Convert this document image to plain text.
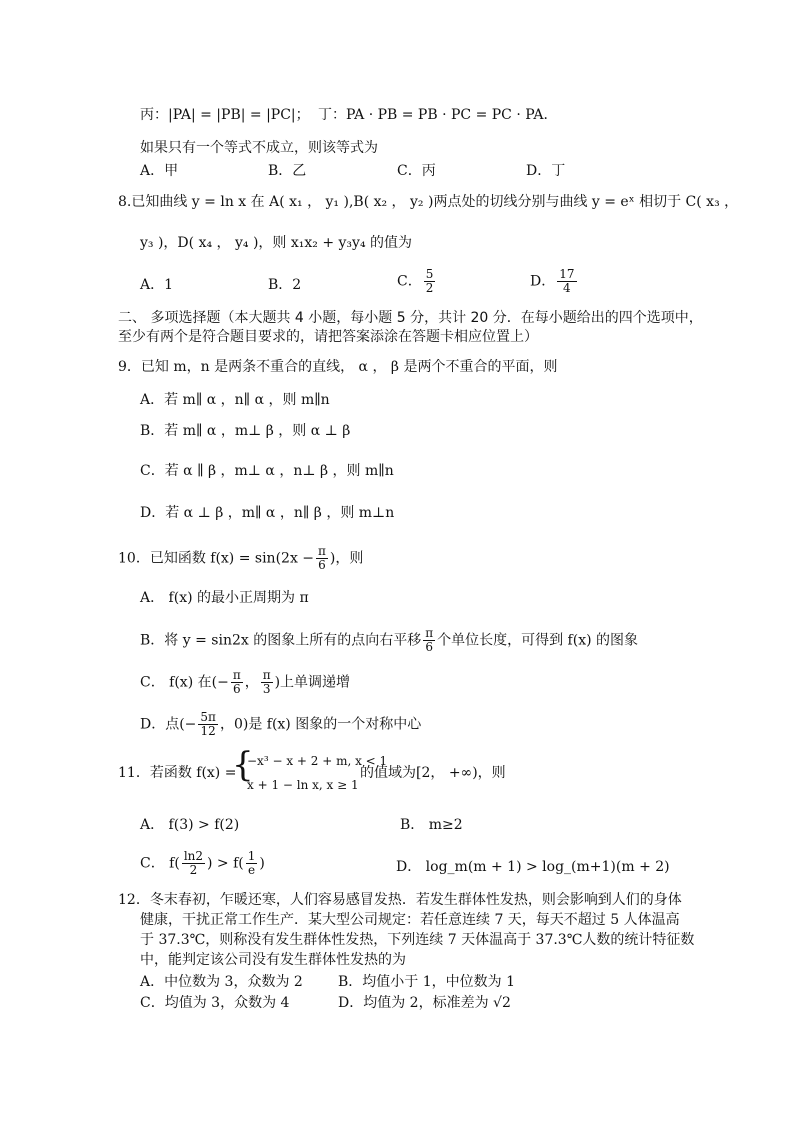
丙：|PA| = |PB| = |PC|； 丁：PA · PB = PB · PC = PC · PA．
如果只有一个等式不成立，则该等式为
A．甲	B．乙	C．丙	D．丁
8.已知曲线 y = ln x 在 A( x₁ ， y₁ ),B( x₂ ， y₂ )两点处的切线分别与曲线 y = eˣ 相切于 C( x₃ ，
y₃ )，D( x₄ ， y₄ )，则 x₁x₂ + y₃y₄ 的值为
A．1	B．2	C． $\frac{5}{2}$	D． $\frac{17}{4}$
二、 多项选择题（本大题共 4 小题，每小题 5 分，共计 20 分．在每小题给出的四个选项中，
至少有两个是符合题目要求的，请把答案添涂在答题卡相应位置上）
9．已知 m，n 是两条不重合的直线， α ， β 是两个不重合的平面，则
A．若 m∥ α ，n∥ α ，则 m∥n
B．若 m∥ α ，m⊥ β ，则 α ⊥ β
C．若 α ∥ β ，m⊥ α ，n⊥ β ，则 m∥n
D．若 α ⊥ β ，m∥ α ，n∥ β ，则 m⊥n
10．已知函数 $f(x) = \sin(2x - \frac{\pi}{6}$ )，则
A． f(x) 的最小正周期为 π
B．将 y = sin2x 的图象上所有的点向右平移 $\frac{\pi}{6}$ 个单位长度，可得到 f(x) 的图象
C． f(x) 在(− $\frac{\pi}{6}$ ， $\frac{\pi}{3}$ )上单调递增
D．点(− $\frac{5\pi}{12}$ ，0)是 f(x) 图象的一个对称中心
11．若函数 f(x) =
{
−x³ − x + 2 + m, x < 1
x + 1 − ln x, x ≥ 1
的值域为[2， +∞)，则
A． f(3) > f(2)	B． m≥2
C． $f( \frac{\ln 2}{2}$ ) > $f( \frac{1}{e}$ )	D． log_m(m + 1) > log_(m+1)(m + 2)
12．冬末春初，乍暖还寒，人们容易感冒发热．若发生群体性发热，则会影响到人们的身体
健康，干扰正常工作生产．某大型公司规定：若任意连续 7 天，每天不超过 5 人体温高
于 37.3℃，则称没有发生群体性发热，下列连续 7 天体温高于 37.3℃人数的统计特征数
中，能判定该公司没有发生群体性发热的为
A．中位数为 3，众数为 2	B．均值小于 1，中位数为 1
C．均值为 3，众数为 4	D．均值为 2，标准差为 √2
